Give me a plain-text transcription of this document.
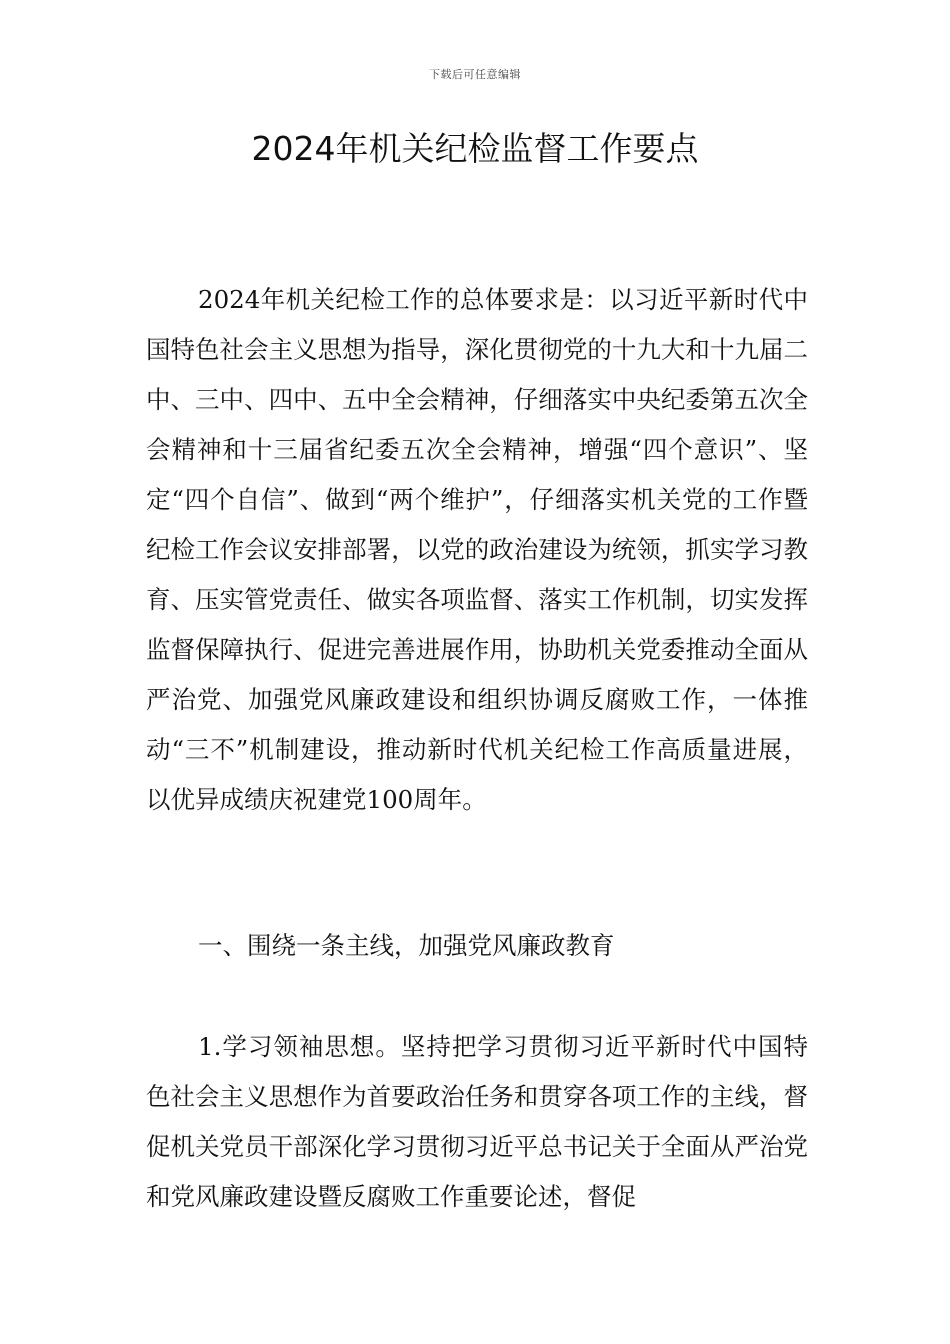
下载后可任意编辑
2024年机关纪检监督工作要点

2024年机关纪检工作的总体要求是：以习近平新时代中国特色社会主义思想为指导，深化贯彻党的十九大和十九届二中、三中、四中、五中全会精神，仔细落实中央纪委第五次全会精神和十三届省纪委五次全会精神，增强“四个意识”、坚定“四个自信”、做到“两个维护”，仔细落实机关党的工作暨纪检工作会议安排部署，以党的政治建设为统领，抓实学习教育、压实管党责任、做实各项监督、落实工作机制，切实发挥监督保障执行、促进完善进展作用，协助机关党委推动全面从严治党、加强党风廉政建设和组织协调反腐败工作，一体推动“三不”机制建设，推动新时代机关纪检工作高质量进展，以优异成绩庆祝建党100周年。

一、围绕一条主线，加强党风廉政教育

1.学习领袖思想。坚持把学习贯彻习近平新时代中国特色社会主义思想作为首要政治任务和贯穿各项工作的主线，督促机关党员干部深化学习贯彻习近平总书记关于全面从严治党和党风廉政建设暨反腐败工作重要论述，督促
